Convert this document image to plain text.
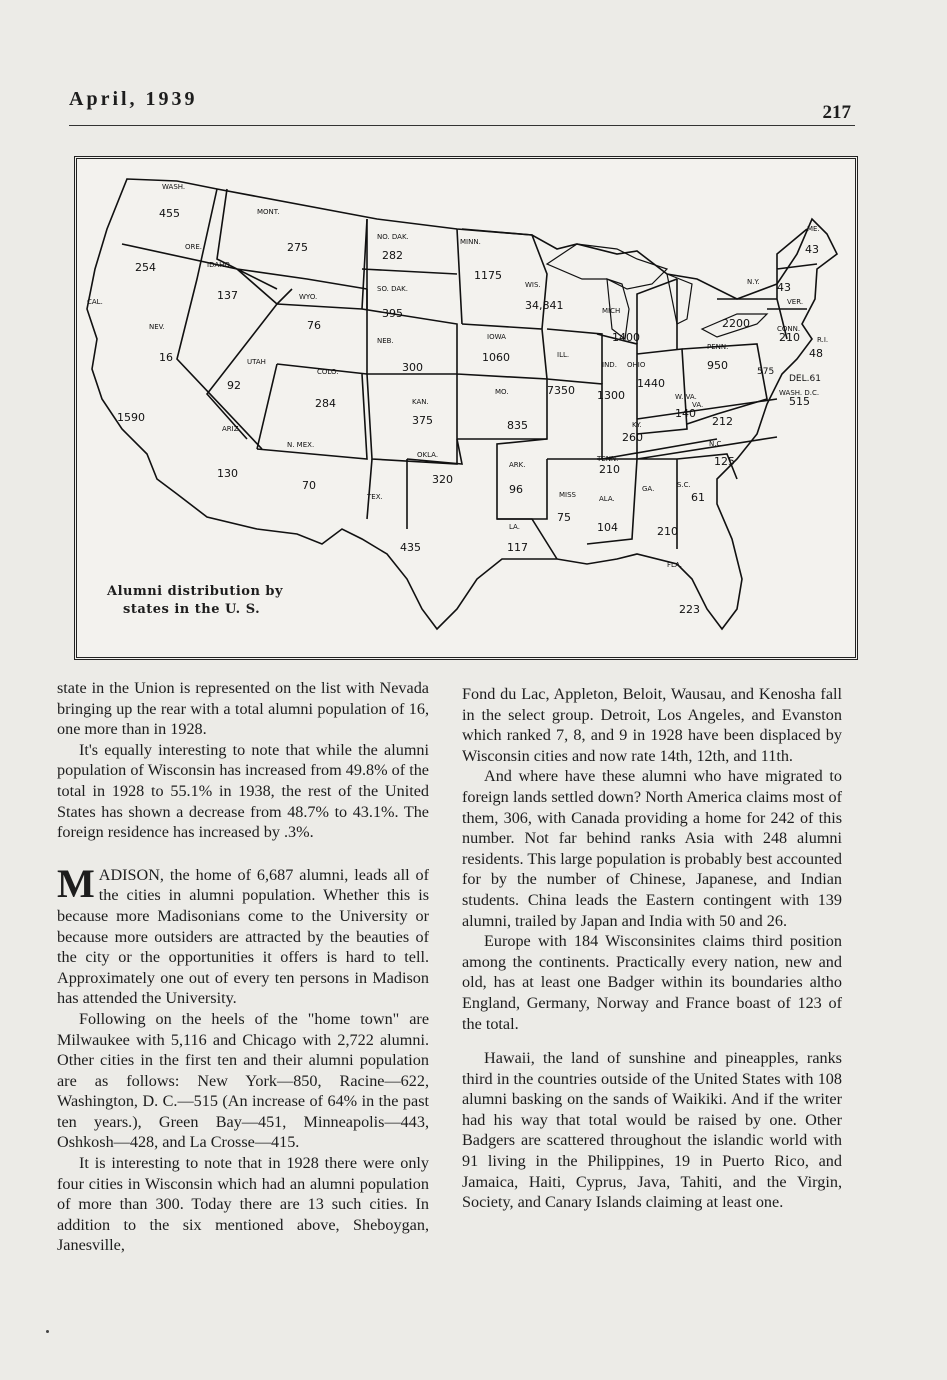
April, 1939
217
WASH.
455
ORE.
254	IDAHO
137
MONT.
275
WYO.
76
NO. DAK.
282
SO. DAK.
395
NEB.
300
CAL.
1590
NEV.
16	UTAH
92
COLO.
284	KAN.
375
ARIZ.
130
N. MEX.
70
OKLA.
320
TEX.
435
MINN.
1175
IOWA
1060
MO.
835
ARK.
96
LA.
117
WIS.
34,841
ILL.
7350
MICH
1400
IND.
1300
OHIO
1440
KY.
260
TENN.
210
MISS
75
ALA.
104
GA.
210
FLA.
223
S.C.
61
N.C.
125
VA.
212
W. VA.
140
PENN.
950
N.Y.
2200
ME.
43
VER.
43
CONN.
210 R.I.
48
DEL.61
575
WASH. D.C.
515
Alumni distribution by
states in the U. S.

state in the Union is represented on the list with Nevada bringing up the rear with a total alumni population of 16, one more than in 1928.

It's equally interesting to note that while the alumni population of Wisconsin has increased from 49.8% of the total in 1928 to 55.1% in 1938, the rest of the United States has shown a decrease from 48.7% to 43.1%. The foreign residence has increased by .3%.

MADISON, the home of 6,687 alumni, leads all of the cities in alumni population. Whether this is because more Madisonians come to the University or because more outsiders are attracted by the beauties of the city or the opportunities it offers is hard to tell. Approximately one out of every ten persons in Madison has attended the University.

Following on the heels of the "home town" are Milwaukee with 5,116 and Chicago with 2,722 alumni. Other cities in the first ten and their alumni population are as follows: New York—850, Racine—622, Washington, D. C.—515 (An increase of 64% in the past ten years.), Green Bay—451, Minneapolis—443, Oshkosh—428, and La Crosse—415.

It is interesting to note that in 1928 there were only four cities in Wisconsin which had an alumni population of more than 300. Today there are 13 such cities. In addition to the six mentioned above, Sheboygan, Janesville,

Fond du Lac, Appleton, Beloit, Wausau, and Kenosha fall in the select group. Detroit, Los Angeles, and Evanston which ranked 7, 8, and 9 in 1928 have been displaced by Wisconsin cities and now rate 14th, 12th, and 11th.

And where have these alumni who have migrated to foreign lands settled down? North America claims most of them, 306, with Canada providing a home for 242 of this number. Not far behind ranks Asia with 248 alumni residents. This large population is probably best accounted for by the number of Chinese, Japanese, and Indian students. China leads the Eastern contingent with 139 alumni, trailed by Japan and India with 50 and 26.

Europe with 184 Wisconsinites claims third position among the continents. Practically every nation, new and old, has at least one Badger within its boundaries altho England, Germany, Norway and France boast of 123 of the total.

Hawaii, the land of sunshine and pineapples, ranks third in the countries outside of the United States with 108 alumni basking on the sands of Waikiki. And if the writer had his way that total would be raised by one. Other Badgers are scattered throughout the islandic world with 91 living in the Philippines, 19 in Puerto Rico, and Jamaica, Haiti, Cyprus, Java, Tahiti, and the Virgin, Society, and Canary Islands claiming at least one.
